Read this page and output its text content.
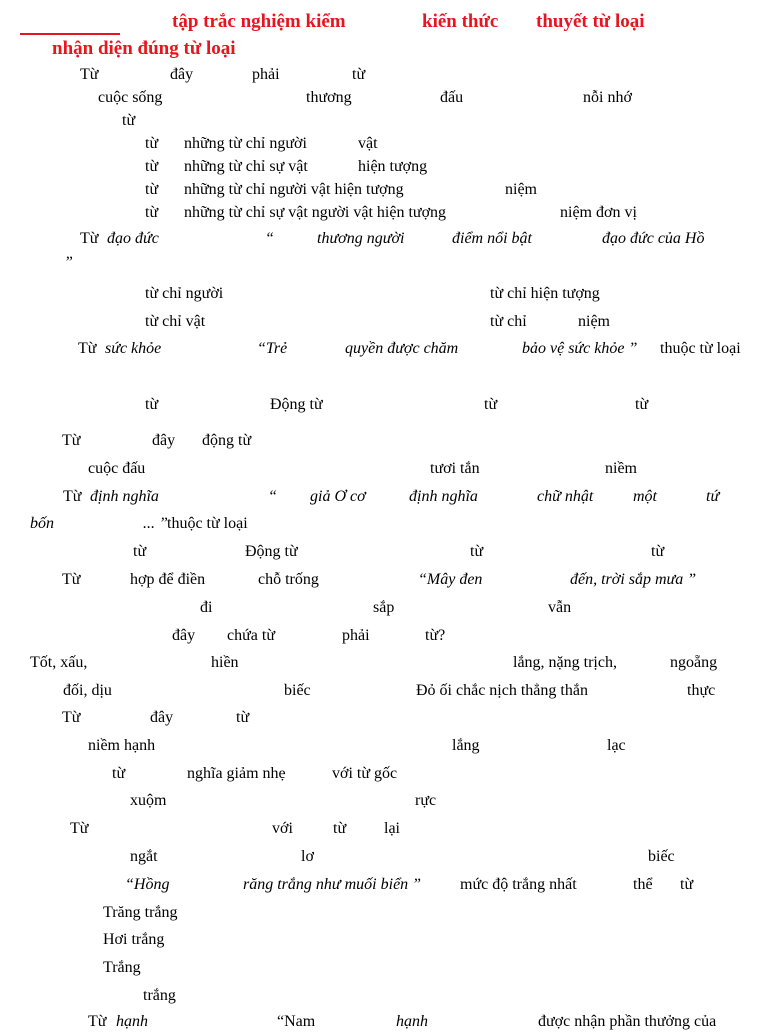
tập trắc nghiệm kiểm	kiến thức thuyết từ loại
nhận diện đúng từ loại
Từ	đây	phải	từ
cuộc sống	thương	đấu	nỗi nhớ
từ
từ những từ chỉ người	vật
từ những từ chỉ sự vật	hiện tượng
từ những từ chỉ người vật hiện tượng	niệm
từ những từ chỉ sự vật người vật hiện tượng	niệm đơn vị
Từ đạo đức	“	thương người	điểm nổi bật	đạo đức của Hồ
”
từ chỉ người	từ chỉ hiện tượng
từ chỉ vật	từ chỉ	niệm
Từ sức khỏe	“Trẻ	quyền được chăm	bảo vệ sức khỏe ” thuộc từ loại
từ	Động từ	từ	từ
Từ	đây động từ
cuộc đấu	tươi tắn	niềm
Từ định nghĩa	“ giả Ơ cơ	định nghĩa	chữ nhật một	tứ
bốn	... ” thuộc từ loại
từ	Động từ	từ	từ
Từ	hợp để điền	chỗ trống	“Mây đen	đến, trời sắp mưa ”
đi	sắp	vẫn
đây chứa từ	phải	từ?
Tốt, xấu,	hiền	lắng, nặng trịch,	ngoẵng
đối, dịu	biếc	Đỏ ối chắc nịch thẳng thắn	thực
Từ	đây	từ
niềm hạnh	lắng	lạc
từ	nghĩa giảm nhẹ	với từ gốc
xuộm	rực
Từ	với	từ lại
ngắt	lơ	biếc
“Hồng	răng trắng như muối biển ” mức độ trắng nhất	thể từ
Trăng trắng
Hơi trắng
Trắng
trắng
Từ hạnh	“Nam	hạnh	được nhận phần thưởng của
